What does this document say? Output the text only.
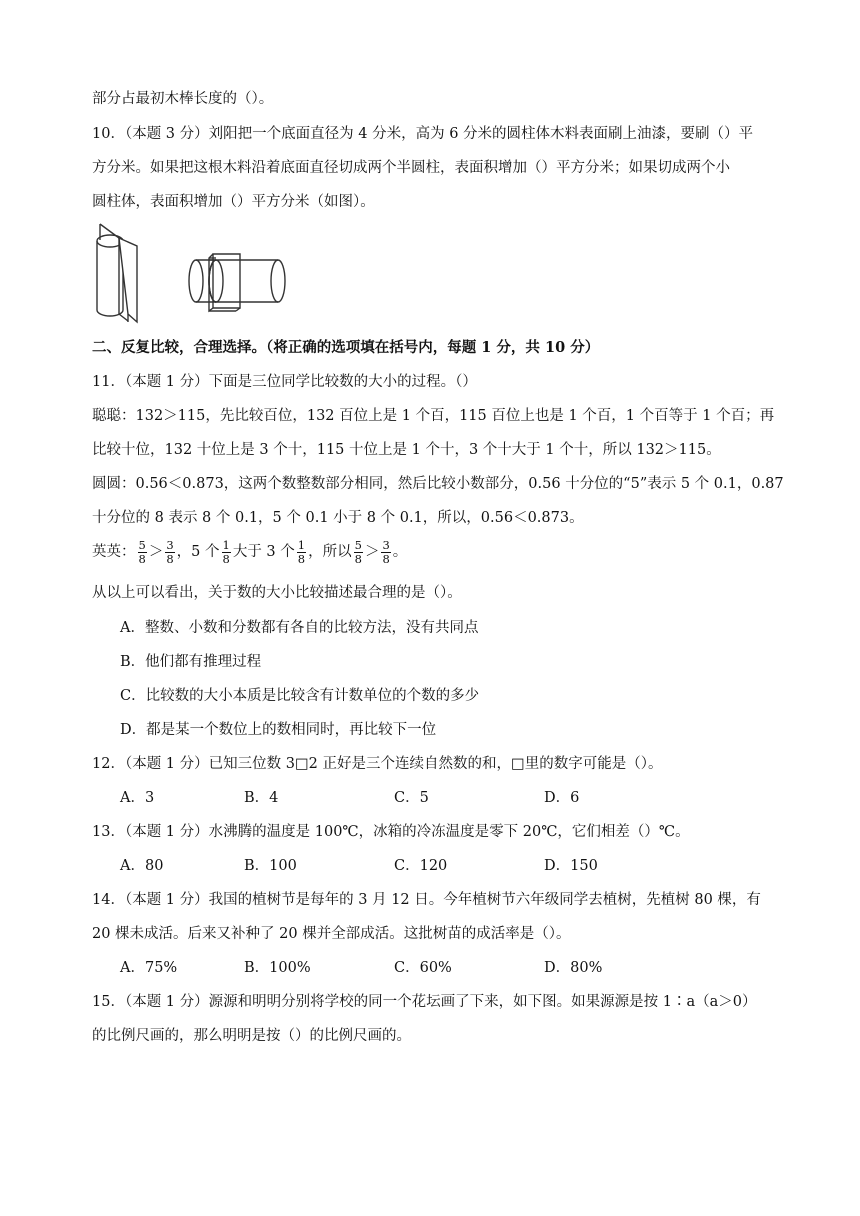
部分占最初木棒长度的（）。
10．（本题 3 分）刘阳把一个底面直径为 4 分米，高为 6 分米的圆柱体木料表面刷上油漆，要刷（）平
方分米。如果把这根木料沿着底面直径切成两个半圆柱，表面积增加（）平方分米；如果切成两个小
圆柱体，表面积增加（）平方分米（如图）。
二、反复比较，合理选择。（将正确的选项填在括号内，每题 1 分，共 10 分）
11．（本题 1 分）下面是三位同学比较数的大小的过程。（）
聪聪：132＞115，先比较百位，132 百位上是 1 个百，115 百位上也是 1 个百，1 个百等于 1 个百；再
比较十位，132 十位上是 3 个十，115 十位上是 1 个十，3 个十大于 1 个十，所以 132＞115。
圆圆：0.56＜0.873，这两个数整数部分相同，然后比较小数部分，0.56 十分位的“5”表示 5 个 0.1，0.87
十分位的 8 表示 8 个 0.1，5 个 0.1 小于 8 个 0.1，所以，0.56＜0.873。
英英： $\frac{5}{8} > \frac{3}{8}$ ，5 个 $\frac{1}{8}$ 大于 3 个 $\frac{1}{8}$ ，所以 $\frac{5}{8} > \frac{3}{8}$ 。
从以上可以看出，关于数的大小比较描述最合理的是（）。
A．整数、小数和分数都有各自的比较方法，没有共同点
B．他们都有推理过程
C．比较数的大小本质是比较含有计数单位的个数的多少
D．都是某一个数位上的数相同时，再比较下一位
12．（本题 1 分）已知三位数 3□2 正好是三个连续自然数的和，□里的数字可能是（）。
A．3	B．4	C．5	D．6
13．（本题 1 分）水沸腾的温度是 100℃，冰箱的冷冻温度是零下 20℃，它们相差（）℃。
A．80	B．100	C．120	D．150
14．（本题 1 分）我国的植树节是每年的 3 月 12 日。今年植树节六年级同学去植树，先植树 80 棵，有
20 棵未成活。后来又补种了 20 棵并全部成活。这批树苗的成活率是（）。
A．75%	B．100%	C．60%	D．80%
15．（本题 1 分）源源和明明分别将学校的同一个花坛画了下来，如下图。如果源源是按 1∶a（a＞0）
的比例尺画的，那么明明是按（）的比例尺画的。
